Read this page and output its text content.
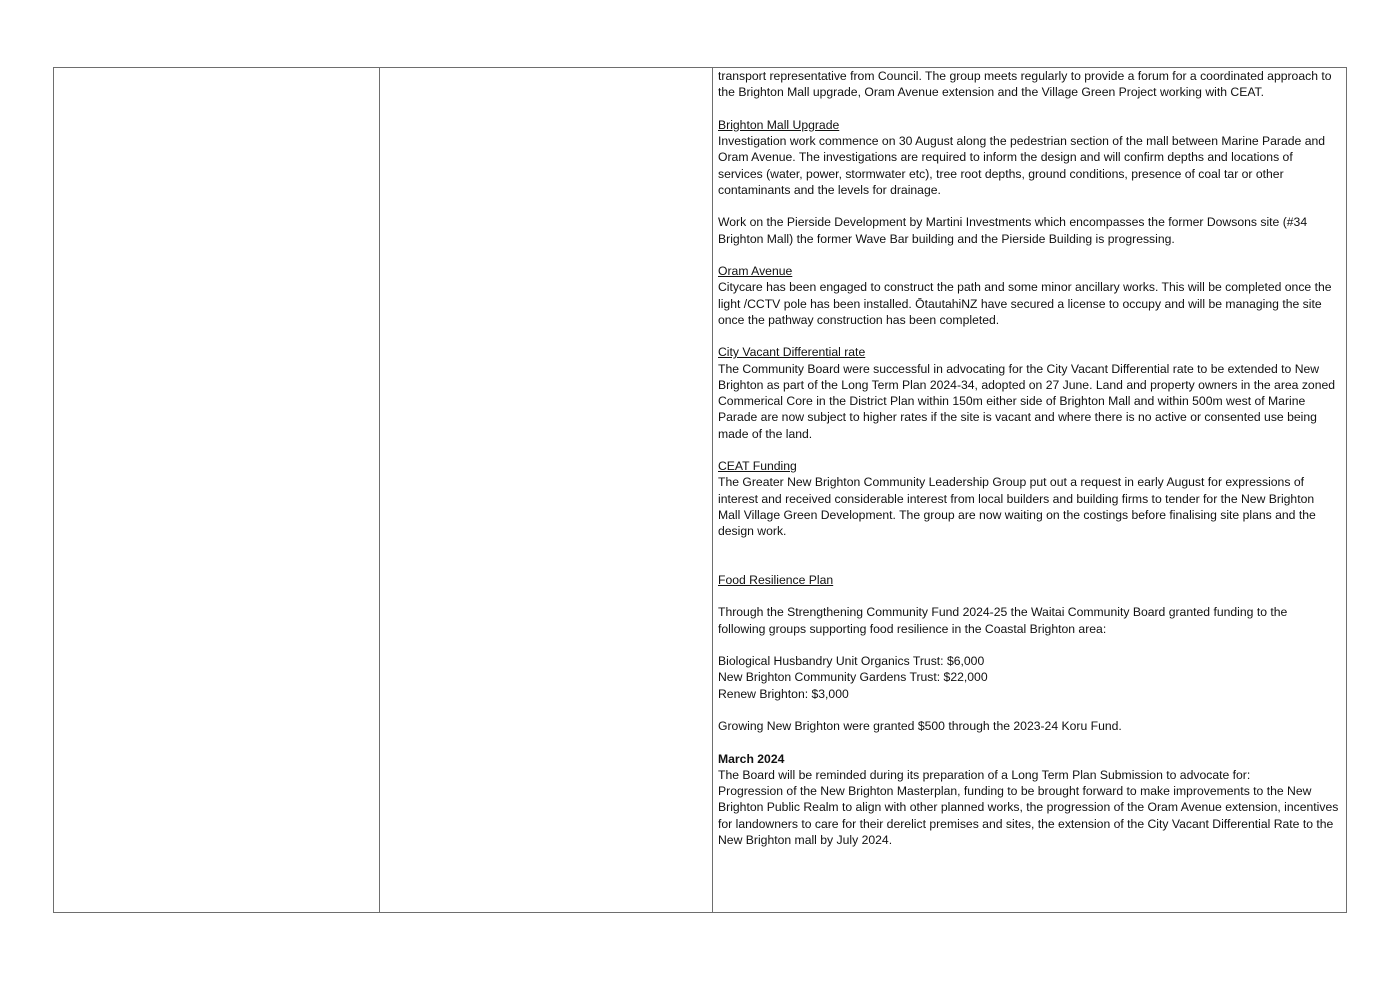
transport representative from Council. The group meets regularly to provide a forum for a coordinated approach to
the Brighton Mall upgrade, Oram Avenue extension and the Village Green Project working with CEAT.
Brighton Mall Upgrade
Investigation work commence on 30 August along the pedestrian section of the mall between Marine Parade and
Oram Avenue. The investigations are required to inform the design and will confirm depths and locations of
services (water, power, stormwater etc), tree root depths, ground conditions, presence of coal tar or other
contaminants and the levels for drainage.
Work on the Pierside Development by Martini Investments which encompasses the former Dowsons site (#34
Brighton Mall) the former Wave Bar building and the Pierside Building is progressing.
Oram Avenue
Citycare has been engaged to construct the path and some minor ancillary works. This will be completed once the
light /CCTV pole has been installed. ŌtautahiNZ have secured a license to occupy and will be managing the site
once the pathway construction has been completed.
City Vacant Differential rate
The Community Board were successful in advocating for the City Vacant Differential rate to be extended to New
Brighton as part of the Long Term Plan 2024-34, adopted on 27 June. Land and property owners in the area zoned
Commerical Core in the District Plan within 150m either side of Brighton Mall and within 500m west of Marine
Parade are now subject to higher rates if the site is vacant and where there is no active or consented use being
made of the land.
CEAT Funding
The Greater New Brighton Community Leadership Group put out a request in early August for expressions of
interest and received considerable interest from local builders and building firms to tender for the New Brighton
Mall Village Green Development. The group are now waiting on the costings before finalising site plans and the
design work.
Food Resilience Plan
Through the Strengthening Community Fund 2024-25 the Waitai Community Board granted funding to the
following groups supporting food resilience in the Coastal Brighton area:
Biological Husbandry Unit Organics Trust: $6,000
New Brighton Community Gardens Trust: $22,000
Renew Brighton: $3,000
Growing New Brighton were granted $500 through the 2023-24 Koru Fund.
March 2024
The Board will be reminded during its preparation of a Long Term Plan Submission to advocate for:
Progression of the New Brighton Masterplan, funding to be brought forward to make improvements to the New
Brighton Public Realm to align with other planned works, the progression of the Oram Avenue extension, incentives
for landowners to care for their derelict premises and sites, the extension of the City Vacant Differential Rate to the
New Brighton mall by July 2024.
